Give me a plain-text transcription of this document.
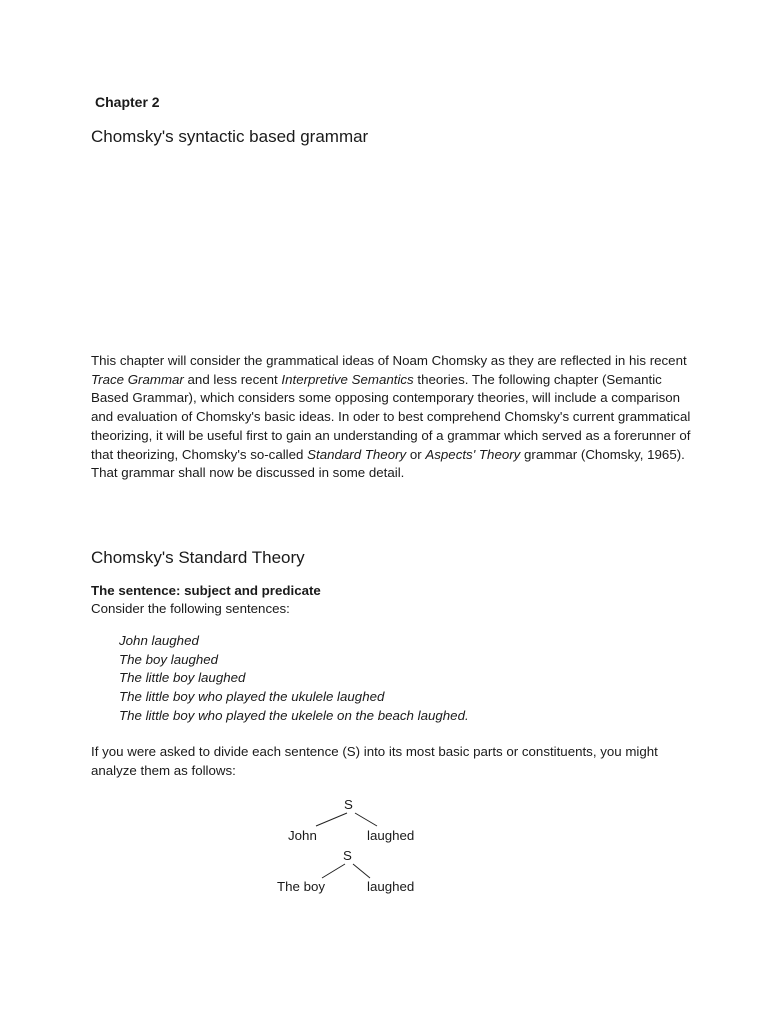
Chapter 2
Chomsky's syntactic based grammar

This chapter will consider the grammatical ideas of Noam Chomsky as they are reflected in his recent Trace Grammar and less recent Interpretive Semantics theories. The following chapter (Semantic Based Grammar), which considers some opposing contemporary theories, will include a comparison and evaluation of Chomsky's basic ideas. In oder to best comprehend Chomsky's current grammatical theorizing, it will be useful first to gain an understanding of a grammar which served as a forerunner of that theorizing, Chomsky's so-called Standard Theory or Aspects' Theory grammar (Chomsky, 1965). That grammar shall now be discussed in some detail.

Chomsky's Standard Theory
The sentence: subject and predicate

Consider the following sentences:

John laughed
The boy laughed
The little boy laughed
The little boy who played the ukulele laughed
The little boy who played the ukelele on the beach laughed.

If you were asked to divide each sentence (S) into its most basic parts or constituents, you might analyze them as follows:

S
John	laughed
S
The boy	laughed
